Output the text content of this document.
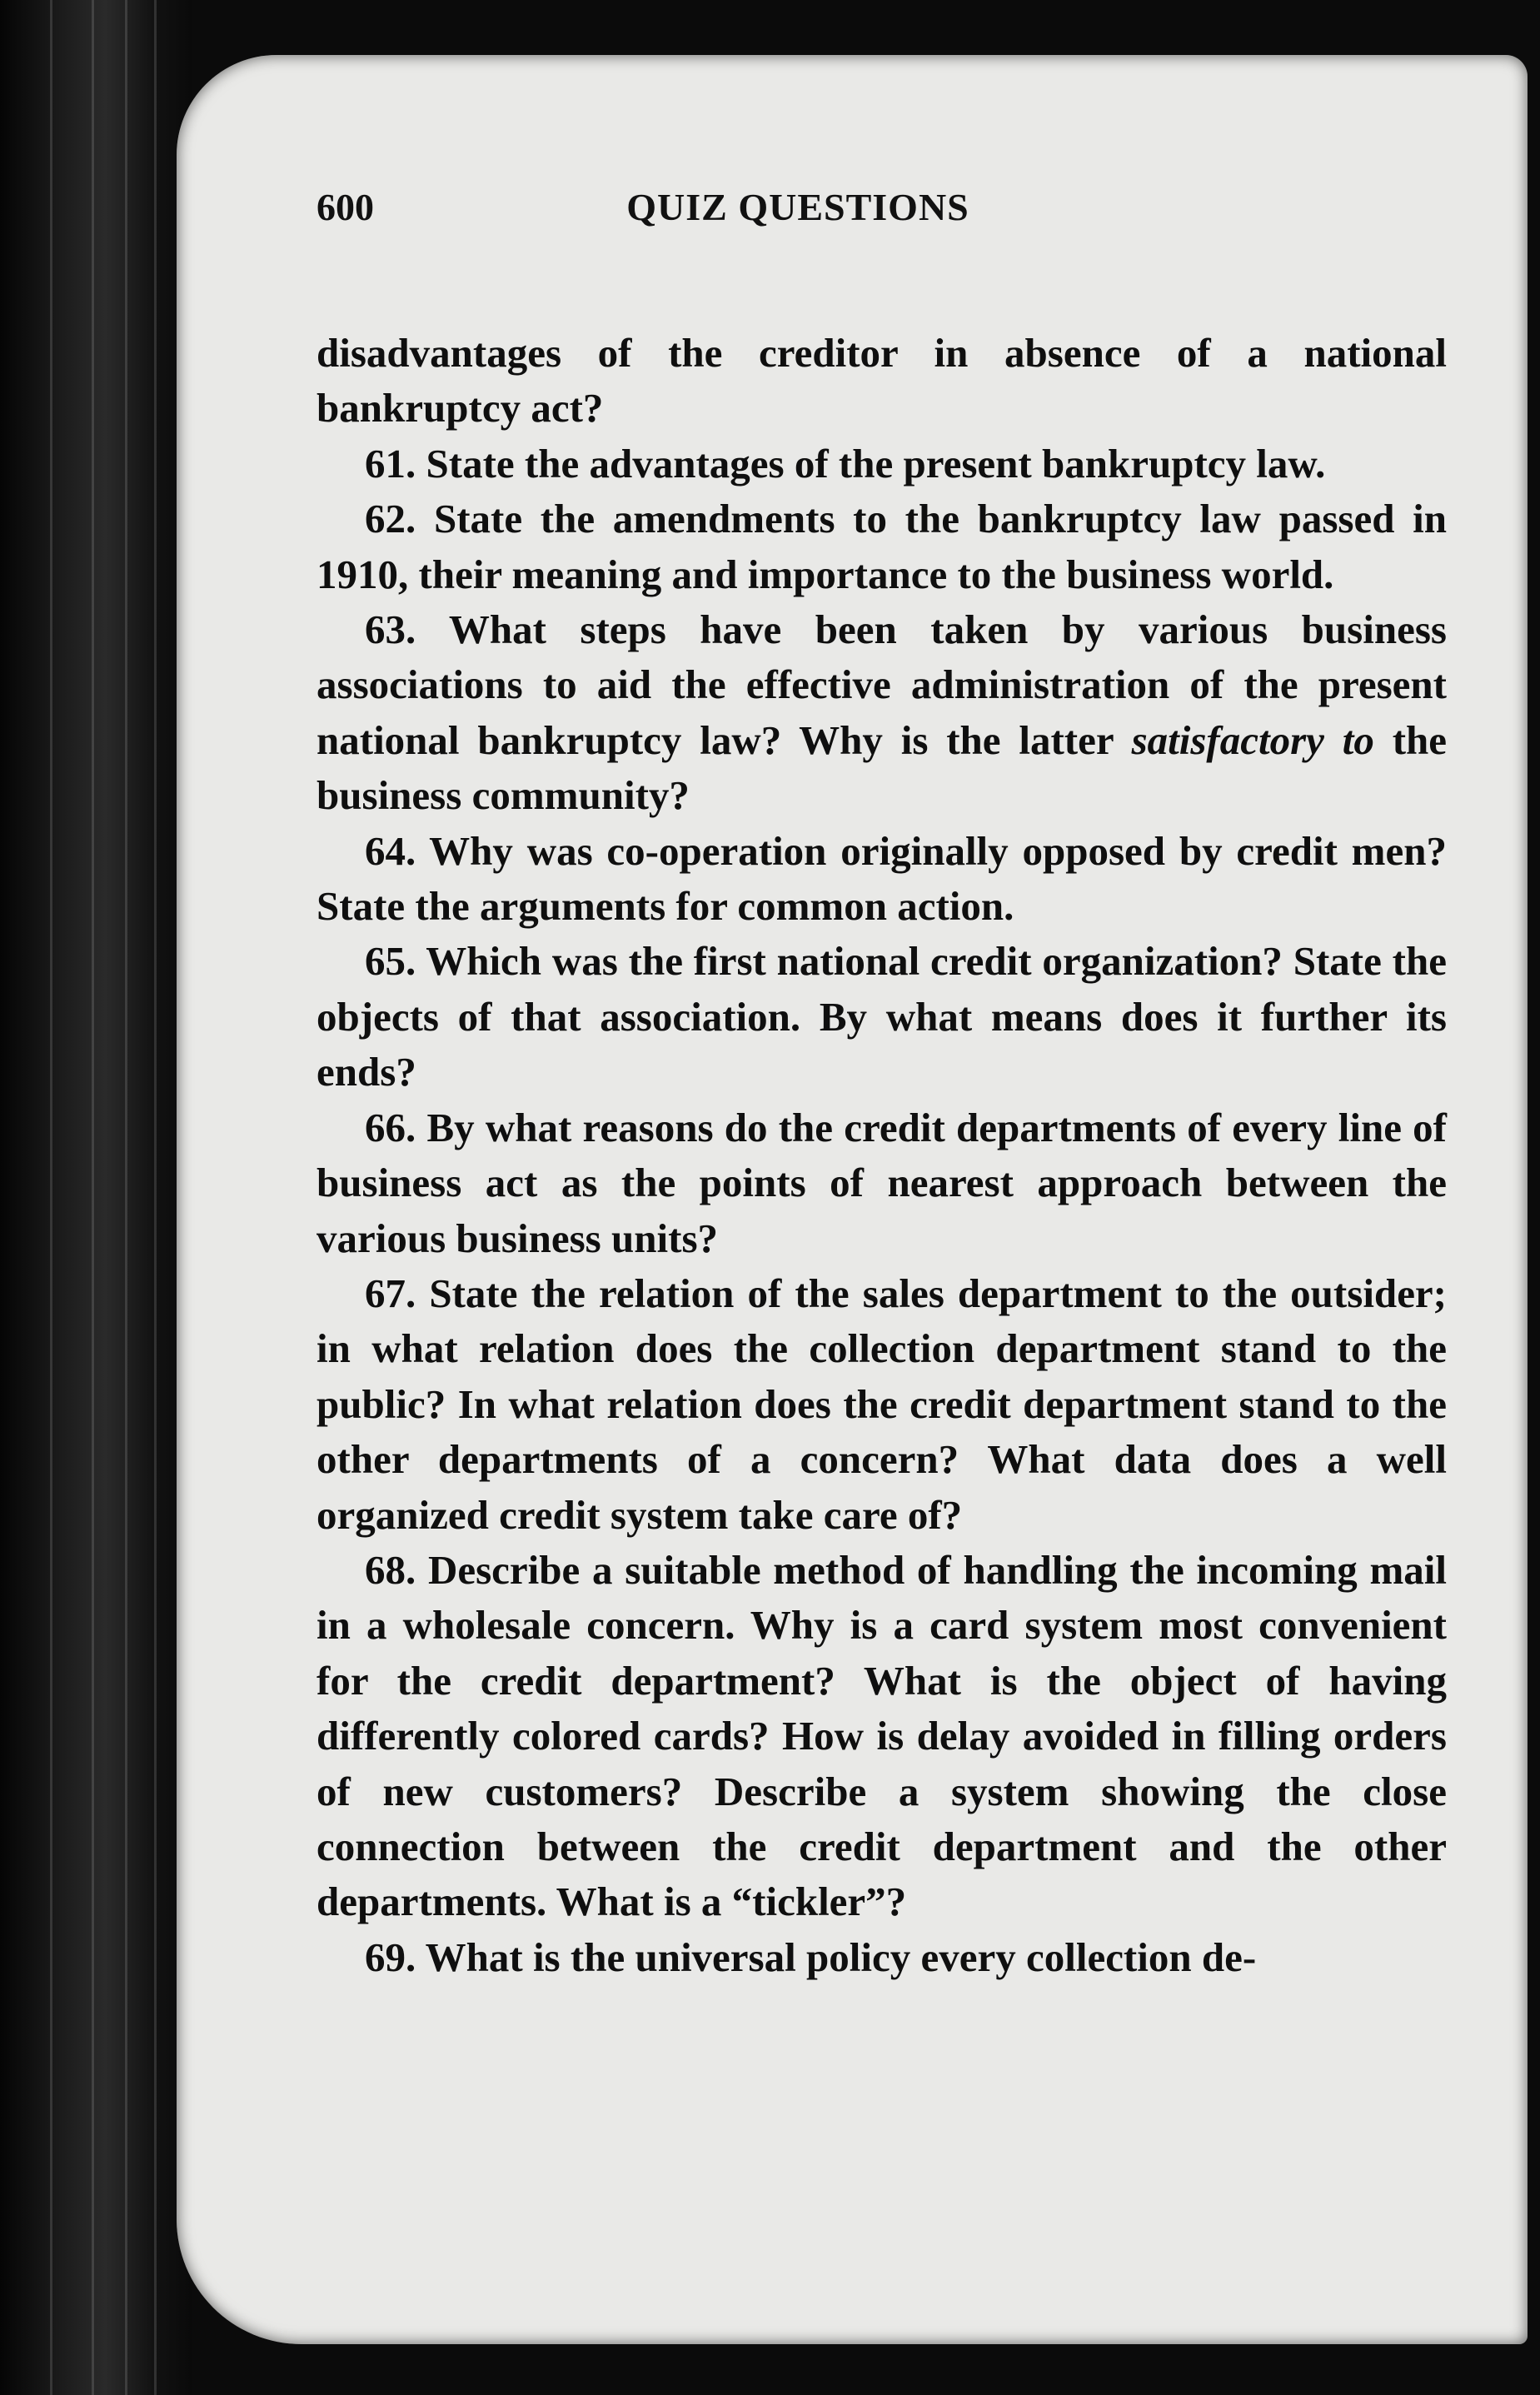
600	QUIZ QUESTIONS

disadvantages of the creditor in absence of a national bankruptcy act?

61. State the advantages of the present bankruptcy law.

62. State the amendments to the bankruptcy law passed in 1910, their meaning and importance to the business world.

63. What steps have been taken by various business associations to aid the effective administration of the present national bankruptcy law? Why is the latter satisfactory to the business community?

64. Why was co-operation originally opposed by credit men? State the arguments for common action.

65. Which was the first national credit organization? State the objects of that association. By what means does it further its ends?

66. By what reasons do the credit departments of every line of business act as the points of nearest approach between the various business units?

67. State the relation of the sales department to the outsider; in what relation does the collection department stand to the public? In what relation does the credit department stand to the other departments of a concern? What data does a well organized credit system take care of?

68. Describe a suitable method of handling the incoming mail in a wholesale concern. Why is a card system most convenient for the credit department? What is the object of having differently colored cards? How is delay avoided in filling orders of new customers? Describe a system showing the close connection between the credit department and the other departments. What is a “tickler”?

69. What is the universal policy every collection de-
